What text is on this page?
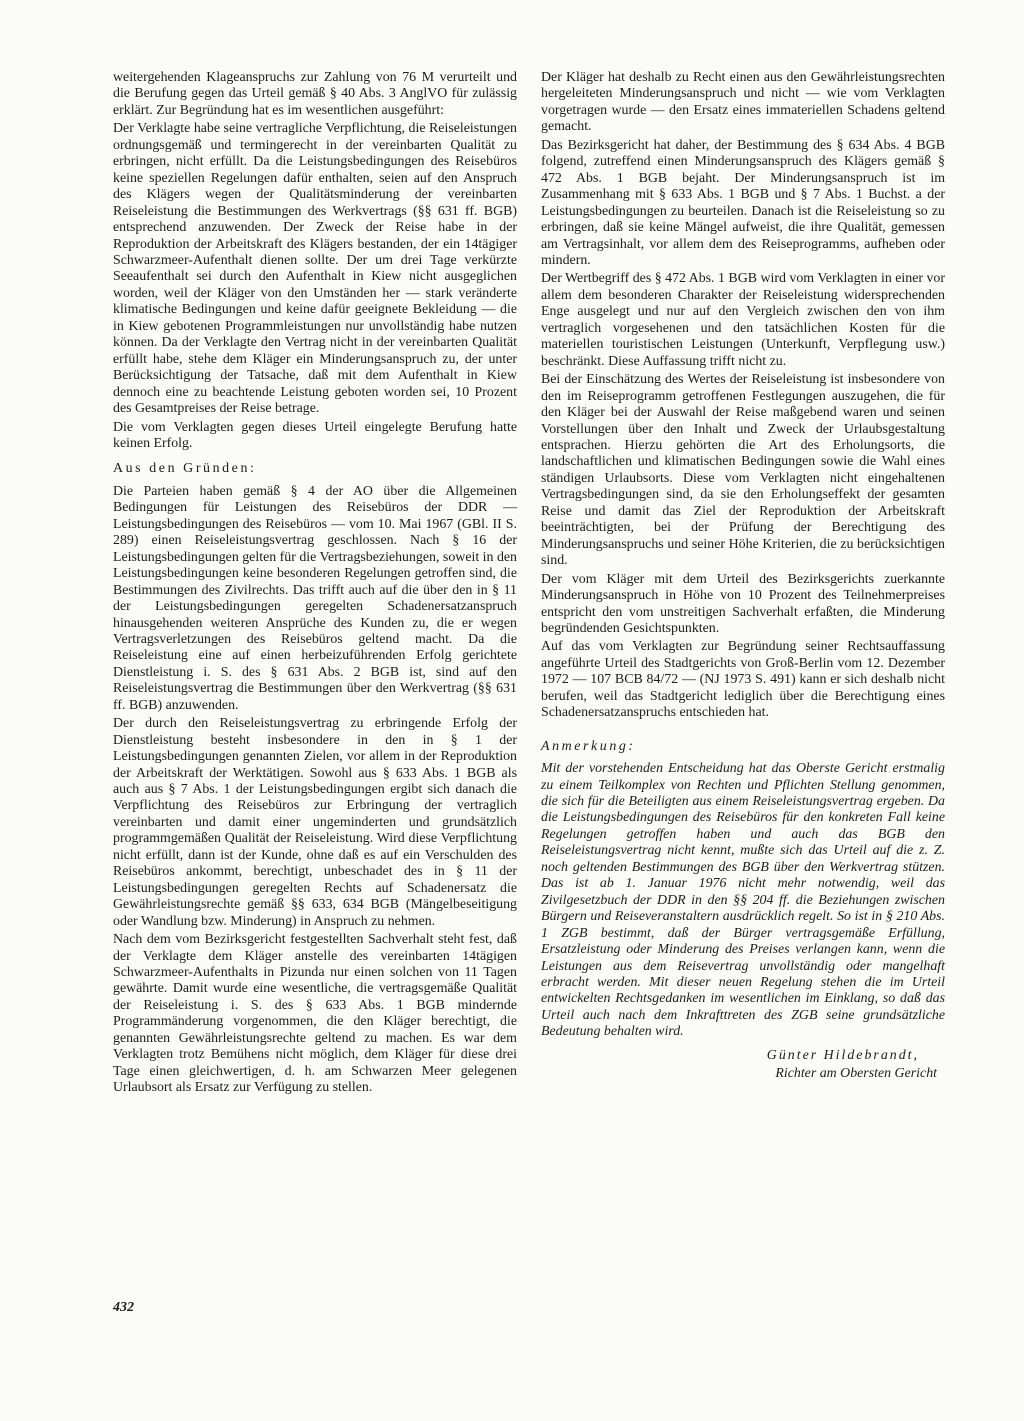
weitergehenden Klageanspruchs zur Zahlung von 76 M verurteilt und die Berufung gegen das Urteil gemäß § 40 Abs. 3 AnglVO für zulässig erklärt. Zur Begründung hat es im wesentlichen ausgeführt:

Der Verklagte habe seine vertragliche Verpflichtung, die Reiseleistungen ordnungsgemäß und termingerecht in der vereinbarten Qualität zu erbringen, nicht erfüllt. Da die Leistungsbedingungen des Reisebüros keine speziellen Regelungen dafür enthalten, seien auf den Anspruch des Klägers wegen der Qualitätsminderung der vereinbarten Reiseleistung die Bestimmungen des Werkvertrags (§§ 631 ff. BGB) entsprechend anzuwenden. Der Zweck der Reise habe in der Reproduktion der Arbeitskraft des Klägers bestanden, der ein 14tägiger Schwarzmeer-Aufenthalt dienen sollte. Der um drei Tage verkürzte Seeaufenthalt sei durch den Aufenthalt in Kiew nicht ausgeglichen worden, weil der Kläger von den Umständen her — stark veränderte klimatische Bedingungen und keine dafür geeignete Bekleidung — die in Kiew gebotenen Programmleistungen nur unvollständig habe nutzen können. Da der Verklagte den Vertrag nicht in der vereinbarten Qualität erfüllt habe, stehe dem Kläger ein Minderungsanspruch zu, der unter Berücksichtigung der Tatsache, daß mit dem Aufenthalt in Kiew dennoch eine zu beachtende Leistung geboten worden sei, 10 Prozent des Gesamtpreises der Reise betrage.

Die vom Verklagten gegen dieses Urteil eingelegte Berufung hatte keinen Erfolg.

Aus den Gründen:

Die Parteien haben gemäß § 4 der AO über die Allgemeinen Bedingungen für Leistungen des Reisebüros der DDR — Leistungsbedingungen des Reisebüros — vom 10. Mai 1967 (GBl. II S. 289) einen Reiseleistungsvertrag geschlossen. Nach § 16 der Leistungsbedingungen gelten für die Vertragsbeziehungen, soweit in den Leistungsbedingungen keine besonderen Regelungen getroffen sind, die Bestimmungen des Zivilrechts. Das trifft auch auf die über den in § 11 der Leistungsbedingungen geregelten Schadenersatzanspruch hinausgehenden weiteren Ansprüche des Kunden zu, die er wegen Vertragsverletzungen des Reisebüros geltend macht. Da die Reiseleistung eine auf einen herbeizuführenden Erfolg gerichtete Dienstleistung i. S. des § 631 Abs. 2 BGB ist, sind auf den Reiseleistungsvertrag die Bestimmungen über den Werkvertrag (§§ 631 ff. BGB) anzuwenden.

Der durch den Reiseleistungsvertrag zu erbringende Erfolg der Dienstleistung besteht insbesondere in den in § 1 der Leistungsbedingungen genannten Zielen, vor allem in der Reproduktion der Arbeitskraft der Werktätigen. Sowohl aus § 633 Abs. 1 BGB als auch aus § 7 Abs. 1 der Leistungsbedingungen ergibt sich danach die Verpflichtung des Reisebüros zur Erbringung der vertraglich vereinbarten und damit einer ungeminderten und grundsätzlich programmgemäßen Qualität der Reiseleistung. Wird diese Verpflichtung nicht erfüllt, dann ist der Kunde, ohne daß es auf ein Verschulden des Reisebüros ankommt, berechtigt, unbeschadet des in § 11 der Leistungsbedingungen geregelten Rechts auf Schadenersatz die Gewährleistungsrechte gemäß §§ 633, 634 BGB (Mängelbeseitigung oder Wandlung bzw. Minderung) in Anspruch zu nehmen.

Nach dem vom Bezirksgericht festgestellten Sachverhalt steht fest, daß der Verklagte dem Kläger anstelle des vereinbarten 14tägigen Schwarzmeer-Aufenthalts in Pizunda nur einen solchen von 11 Tagen gewährte. Damit wurde eine wesentliche, die vertragsgemäße Qualität der Reiseleistung i. S. des § 633 Abs. 1 BGB mindernde Programmänderung vorgenommen, die den Kläger berechtigt, die genannten Gewährleistungsrechte geltend zu machen. Es war dem Verklagten trotz Bemühens nicht möglich, dem Kläger für diese drei Tage einen gleichwertigen, d. h. am Schwarzen Meer gelegenen Urlaubsort als Ersatz zur Verfügung zu stellen.

Der Kläger hat deshalb zu Recht einen aus den Gewährleistungsrechten hergeleiteten Minderungsanspruch und nicht — wie vom Verklagten vorgetragen wurde — den Ersatz eines immateriellen Schadens geltend gemacht.

Das Bezirksgericht hat daher, der Bestimmung des § 634 Abs. 4 BGB folgend, zutreffend einen Minderungsanspruch des Klägers gemäß § 472 Abs. 1 BGB bejaht. Der Minderungsanspruch ist im Zusammenhang mit § 633 Abs. 1 BGB und § 7 Abs. 1 Buchst. a der Leistungsbedingungen zu beurteilen. Danach ist die Reiseleistung so zu erbringen, daß sie keine Mängel aufweist, die ihre Qualität, gemessen am Vertragsinhalt, vor allem dem des Reiseprogramms, aufheben oder mindern.

Der Wertbegriff des § 472 Abs. 1 BGB wird vom Verklagten in einer vor allem dem besonderen Charakter der Reiseleistung widersprechenden Enge ausgelegt und nur auf den Vergleich zwischen den von ihm vertraglich vorgesehenen und den tatsächlichen Kosten für die materiellen touristischen Leistungen (Unterkunft, Verpflegung usw.) beschränkt. Diese Auffassung trifft nicht zu.

Bei der Einschätzung des Wertes der Reiseleistung ist insbesondere von den im Reiseprogramm getroffenen Festlegungen auszugehen, die für den Kläger bei der Auswahl der Reise maßgebend waren und seinen Vorstellungen über den Inhalt und Zweck der Urlaubsgestaltung entsprachen. Hierzu gehörten die Art des Erholungsorts, die landschaftlichen und klimatischen Bedingungen sowie die Wahl eines ständigen Urlaubsorts. Diese vom Verklagten nicht eingehaltenen Vertragsbedingungen sind, da sie den Erholungseffekt der gesamten Reise und damit das Ziel der Reproduktion der Arbeitskraft beeinträchtigten, bei der Prüfung der Berechtigung des Minderungsanspruchs und seiner Höhe Kriterien, die zu berücksichtigen sind.

Der vom Kläger mit dem Urteil des Bezirksgerichts zuerkannte Minderungsanspruch in Höhe von 10 Prozent des Teilnehmerpreises entspricht den vom unstreitigen Sachverhalt erfaßten, die Minderung begründenden Gesichtspunkten.

Auf das vom Verklagten zur Begründung seiner Rechtsauffassung angeführte Urteil des Stadtgerichts von Groß-Berlin vom 12. Dezember 1972 — 107 BCB 84/72 — (NJ 1973 S. 491) kann er sich deshalb nicht berufen, weil das Stadtgericht lediglich über die Berechtigung eines Schadenersatzanspruchs entschieden hat.

Anmerkung:

Mit der vorstehenden Entscheidung hat das Oberste Gericht erstmalig zu einem Teilkomplex von Rechten und Pflichten Stellung genommen, die sich für die Beteiligten aus einem Reiseleistungsvertrag ergeben. Da die Leistungsbedingungen des Reisebüros für den konkreten Fall keine Regelungen getroffen haben und auch das BGB den Reiseleistungsvertrag nicht kennt, mußte sich das Urteil auf die z. Z. noch geltenden Bestimmungen des BGB über den Werkvertrag stützen. Das ist ab 1. Januar 1976 nicht mehr notwendig, weil das Zivilgesetzbuch der DDR in den §§ 204 ff. die Beziehungen zwischen Bürgern und Reiseveranstaltern ausdrücklich regelt. So ist in § 210 Abs. 1 ZGB bestimmt, daß der Bürger vertragsgemäße Erfüllung, Ersatzleistung oder Minderung des Preises verlangen kann, wenn die Leistungen aus dem Reisevertrag unvollständig oder mangelhaft erbracht werden. Mit dieser neuen Regelung stehen die im Urteil entwickelten Rechtsgedanken im wesentlichen im Einklang, so daß das Urteil auch nach dem Inkrafttreten des ZGB seine grundsätzliche Bedeutung behalten wird.

Günter Hildebrandt,
Richter am Obersten Gericht
432
